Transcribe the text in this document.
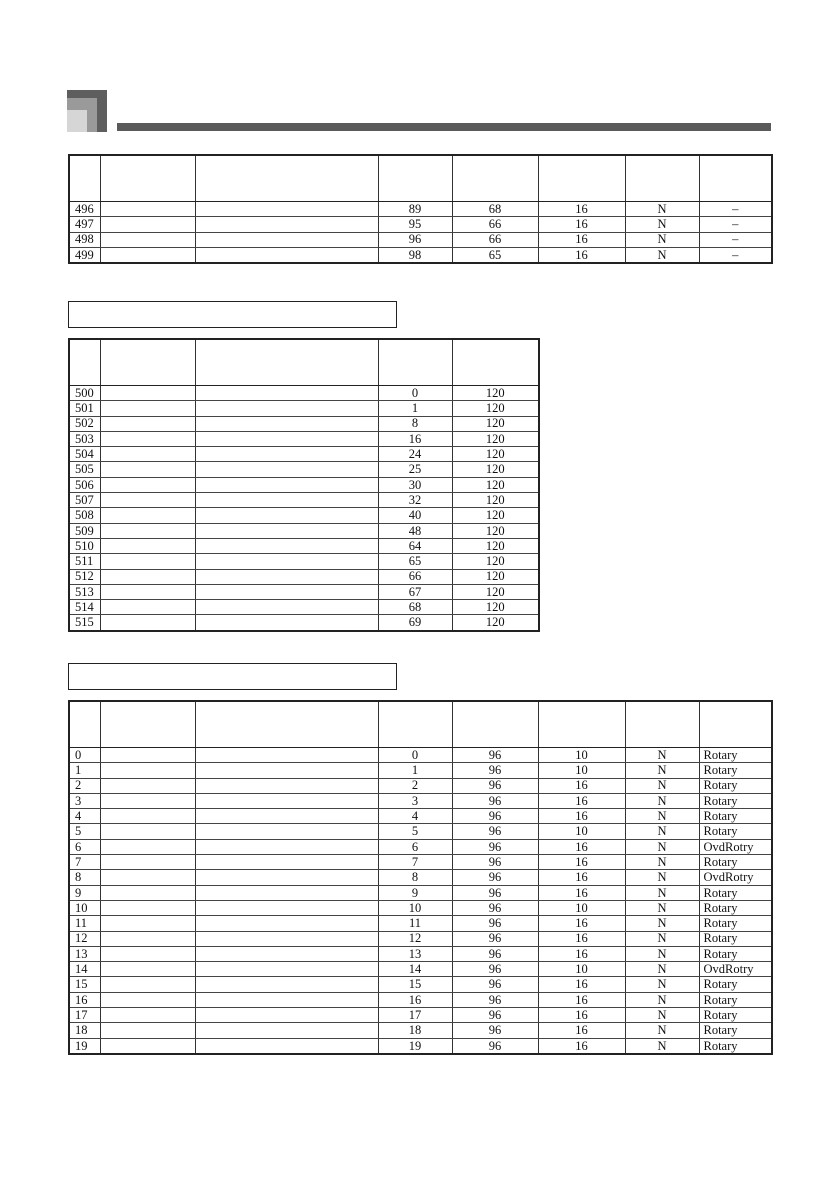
496			89	68	16	N	–
497			95	66	16	N	–
498			96	66	16	N	–
499			98	65	16	N	–

500			0	120
501			1	120
502			8	120
503			16	120
504			24	120
505			25	120
506			30	120
507			32	120
508			40	120
509			48	120
510			64	120
511			65	120
512			66	120
513			67	120
514			68	120
515			69	120

0			0	96	10	N	Rotary
1			1	96	10	N	Rotary
2			2	96	16	N	Rotary
3			3	96	16	N	Rotary
4			4	96	16	N	Rotary
5			5	96	10	N	Rotary
6			6	96	16	N	OvdRotry
7			7	96	16	N	Rotary
8			8	96	16	N	OvdRotry
9			9	96	16	N	Rotary
10			10	96	10	N	Rotary
11			11	96	16	N	Rotary
12			12	96	16	N	Rotary
13			13	96	16	N	Rotary
14			14	96	10	N	OvdRotry
15			15	96	16	N	Rotary
16			16	96	16	N	Rotary
17			17	96	16	N	Rotary
18			18	96	16	N	Rotary
19			19	96	16	N	Rotary
